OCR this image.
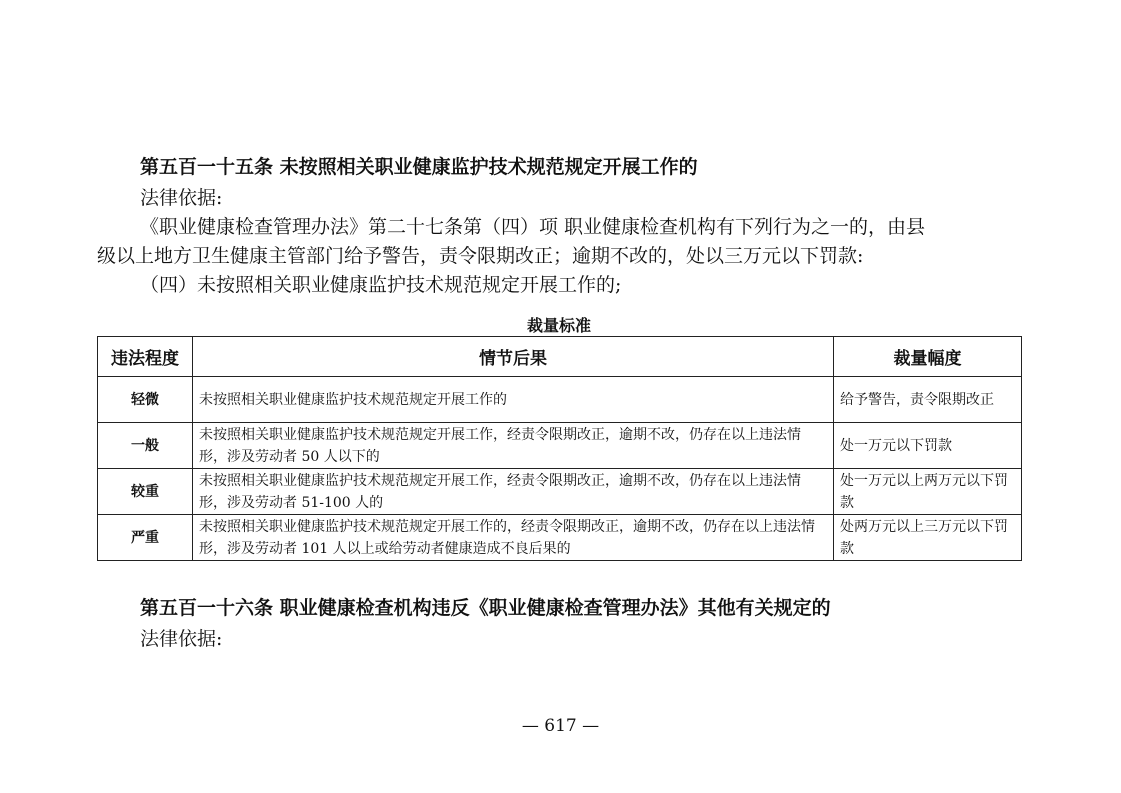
第五百一十五条 未按照相关职业健康监护技术规范规定开展工作的
法律依据:
《职业健康检查管理办法》第二十七条第（四）项 职业健康检查机构有下列行为之一的，由县
级以上地方卫生健康主管部门给予警告，责令限期改正；逾期不改的，处以三万元以下罚款:
（四）未按照相关职业健康监护技术规范规定开展工作的;
裁量标准
违法程度	情节后果	裁量幅度
轻微	未按照相关职业健康监护技术规范规定开展工作的	给予警告，责令限期改正
一般	未按照相关职业健康监护技术规范规定开展工作，经责令限期改正，逾期不改，仍存在以上违法情形，涉及劳动者 50 人以下的	处一万元以下罚款
较重	未按照相关职业健康监护技术规范规定开展工作，经责令限期改正，逾期不改，仍存在以上违法情形，涉及劳动者 51-100 人的	处一万元以上两万元以下罚款
严重	未按照相关职业健康监护技术规范规定开展工作的，经责令限期改正，逾期不改，仍存在以上违法情形，涉及劳动者 101 人以上或给劳动者健康造成不良后果的	处两万元以上三万元以下罚款
第五百一十六条 职业健康检查机构违反《职业健康检查管理办法》其他有关规定的
法律依据:
— 617 —
